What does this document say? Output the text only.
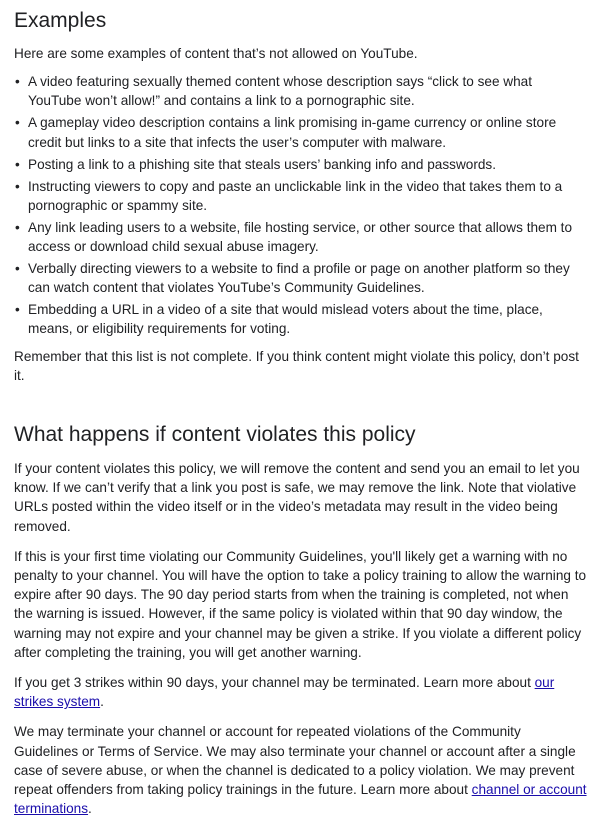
Examples

Here are some examples of content that’s not allowed on YouTube.

• A video featuring sexually themed content whose description says “click to see what YouTube won’t allow!” and contains a link to a pornographic site.
• A gameplay video description contains a link promising in-game currency or online store credit but links to a site that infects the user’s computer with malware.
• Posting a link to a phishing site that steals users’ banking info and passwords.
• Instructing viewers to copy and paste an unclickable link in the video that takes them to a pornographic or spammy site.
• Any link leading users to a website, file hosting service, or other source that allows them to access or download child sexual abuse imagery.
• Verbally directing viewers to a website to find a profile or page on another platform so they can watch content that violates YouTube’s Community Guidelines.
• Embedding a URL in a video of a site that would mislead voters about the time, place, means, or eligibility requirements for voting.

Remember that this list is not complete. If you think content might violate this policy, don’t post it.

What happens if content violates this policy

If your content violates this policy, we will remove the content and send you an email to let you know. If we can’t verify that a link you post is safe, we may remove the link. Note that violative URLs posted within the video itself or in the video’s metadata may result in the video being removed.

If this is your first time violating our Community Guidelines, you'll likely get a warning with no penalty to your channel. You will have the option to take a policy training to allow the warning to expire after 90 days. The 90 day period starts from when the training is completed, not when the warning is issued. However, if the same policy is violated within that 90 day window, the warning may not expire and your channel may be given a strike. If you violate a different policy after completing the training, you will get another warning.

If you get 3 strikes within 90 days, your channel may be terminated. Learn more about our strikes system.

We may terminate your channel or account for repeated violations of the Community Guidelines or Terms of Service. We may also terminate your channel or account after a single case of severe abuse, or when the channel is dedicated to a policy violation. We may prevent repeat offenders from taking policy trainings in the future. Learn more about channel or account terminations.
